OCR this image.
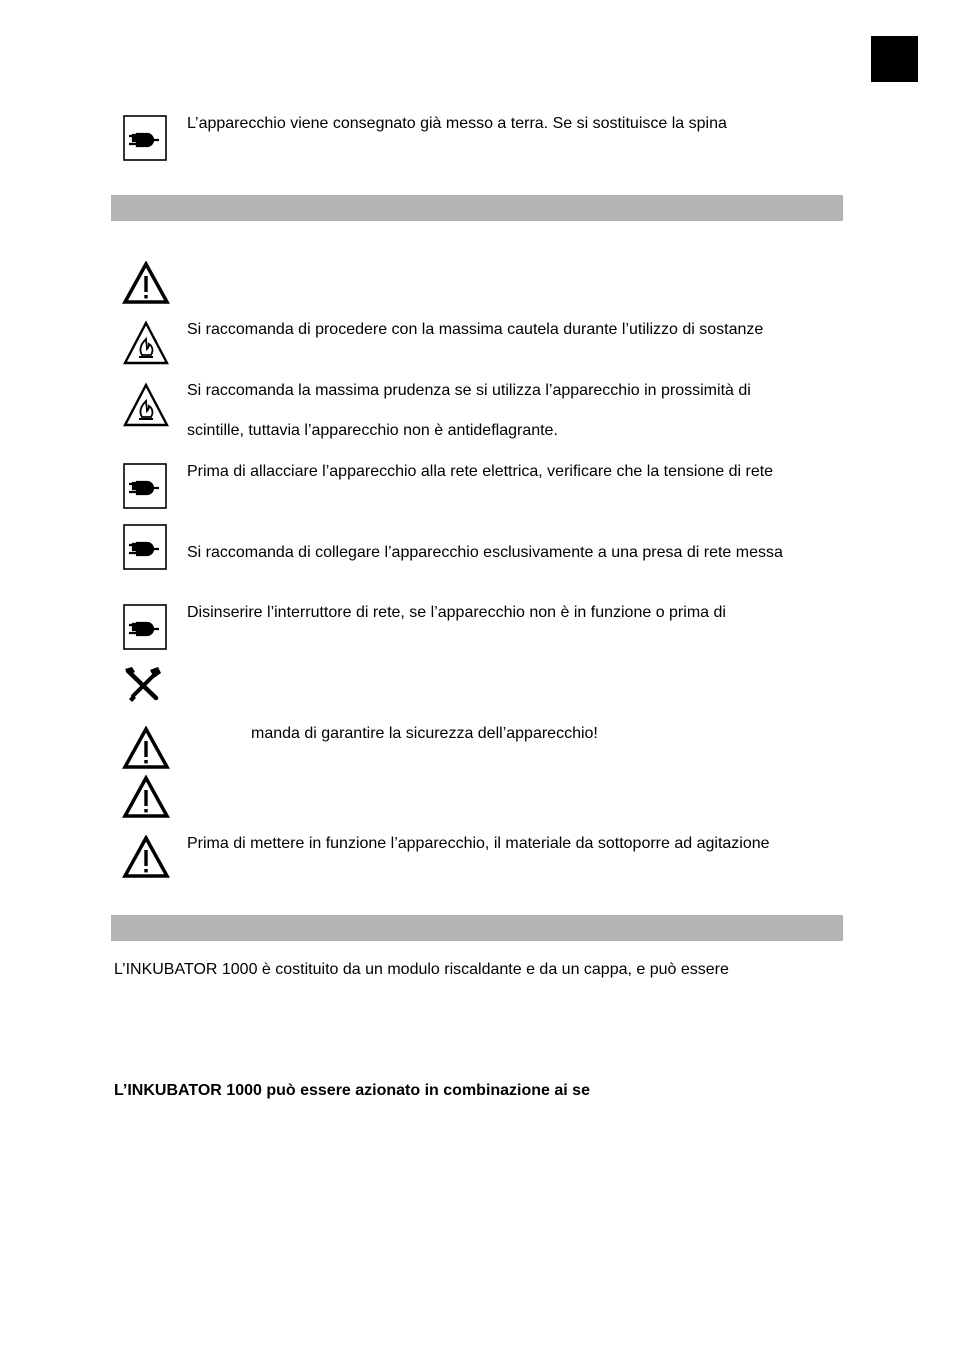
L’apparecchio viene consegnato già messo a terra. Se si sostituisce la spina
Si raccomanda di procedere con la massima cautela durante l’utilizzo di sostanze
Si raccomanda la massima prudenza se si utilizza l’apparecchio in prossimità di
scintille, tuttavia l’apparecchio non è antideflagrante.
Prima di allacciare l’apparecchio alla rete elettrica, verificare che la tensione di rete
Si raccomanda di collegare l’apparecchio esclusivamente a una presa di rete messa
Disinserire l’interruttore di rete, se l’apparecchio non è in funzione o prima di
manda di garantire la sicurezza dell’apparecchio!
Prima di mettere in funzione l’apparecchio, il materiale da sottoporre ad agitazione
L’INKUBATOR 1000 è costituito da un modulo riscaldante e da un cappa, e può essere
L’INKUBATOR 1000 può essere azionato in combinazione ai se
